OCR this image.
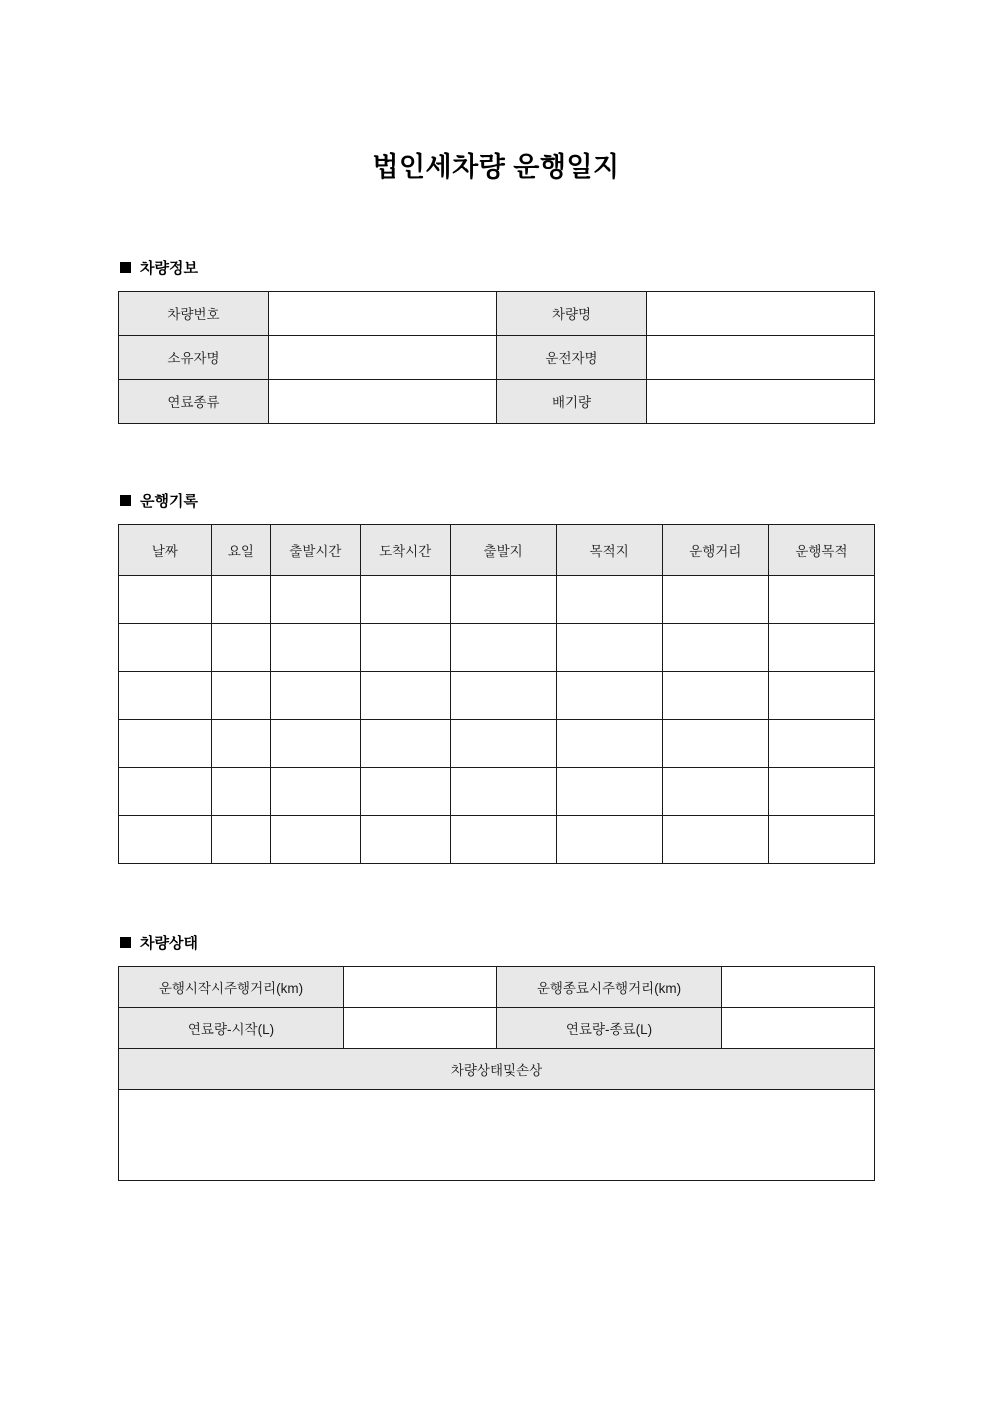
법인세차량 운행일지
차량정보
차량번호		차량명	
소유자명		운전자명	
연료종류		배기량	
운행기록
날짜	요일	출발시간	도착시간	출발지	목적지	운행거리	운행목적

차량상태
운행시작시주행거리(km)		운행종료시주행거리(km)	
연료량-시작(L)		연료량-종료(L)	
차량상태및손상			
